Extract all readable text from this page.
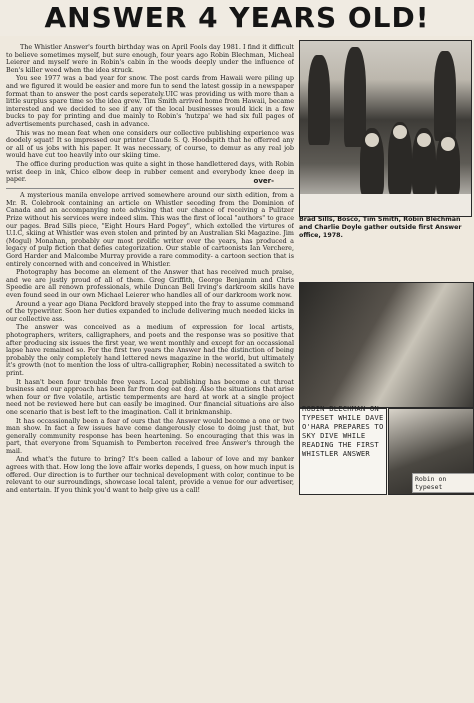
ANSWER 4 YEARS OLD!

The Whistler Answer's fourth birthday was on April Fools day 1981. I find it difficult to believe sometimes myself, but sure enough, four years ago Robin Blechman, Micheal Leierer and myself were in Robin's cabin in the woods deeply under the influence of Ben's killer weed when the idea struck.

You see 1977 was a bad year for snow. The post cards from Hawaii were piling up and we figured it would be easier and more fun to send the latest gossip in a newspaper format than to answer the post cards seperately.UIC was providing us with more than a little surplus spare time so the idea grew. Tim Smith arrived home from Hawaii, became interested and we decided to see if any of the local businesses would kick in a few bucks to pay for printing and due mainly to Robin's 'hutzpa' we had six full pages of advertisements purchased, cash in advance.

This was no mean feat when one considers our collective publishing experience was doodely squat! It so impressed our printer Claude S. Q. Hoodspith that he offerred any or all of us jobs with his paper. It was necessary, of course, to demur as any real job would have cut too heavily into our skiing time.

The office during production was quite a sight in those handlettered days, with Robin wrist deep in ink, Chico elbow deep in rubber cement and everybody knee deep in paper.	over-

A mysterious manila envelope arrived somewhere around our sixth edition, from a Mr. R. Colebrook containing an article on Whistler seceding from the Dominion of Canada and an accompanying note advising that our chance of receiving a Pulitzer Prize without his services were indeed slim. This was the first of local "authors" to grace our pages. Brad Sills piece, "Eight Hours Hard Pogey", which extolled the virtures of U.I.C, skiing at Whistler was even stolen and printed by an Australian Ski Magazine. Jim (Mogul) Monahan, probably our most prolific writer over the years, has produced a legacy of pulp fiction that defies categorization. Our stable of cartoonists Ian Verchere, Gord Harder and Malcombe Murray provide a rare commodity- a cartoon section that is entirely concerned with and conceived in Whistler.

Photography has become an element of the Answer that has received much praise, and we are justly proud of all of them. Greg Griffith, George Benjamin and Chris Speedie are all renown professionals, while Duncan Bell Irving's darkroom skills have even found seed in our own Michael Leierer who handles all of our darkroom work now.

Around a year ago Diana Peckford bravely stepped into the fray to assume command of the typewriter. Soon her duties expanded to include delivering much needed kicks in our collective ass.

The answer was conceived as a medium of expression for local artists, photographers, writers, calligraphers, and poets and the response was so positive that after producing six issues the first year, we went monthly and except for an occassional lapse have remained so. For the first two years the Answer had the distinction of being probably the only completely hand lettered news magazine in the world, but ultimately it's growth (not to mention the loss of ultra-calligrapher, Robin) necessitated a switch to print.

It hasn't been four trouble free years. Local publishing has become a cut throat business and our approach has been far from dog eat dog. Also the situations that arise when four or five volatile, artistic temperments are hard at work at a single project need not be reviewed here but can easily be imagined. Our financial situations are also one scenario that is best left to the imagination. Call it brinkmanship.

It has occassionally been a fear of ours that the Answer would become a one or two man show. In fact a few issues have come dangerously close to doing just that, but generally community response has been heartening. So encouraging that this was in part, that everyone from Squamish to Pemberton received free Answer's through the mail.

And what's the future to bring? It's been called a labour of love and my banker agrees with that. How long the love affair works depends, I guess, on how much input is offered. Our direction is to further our technical development with color, continue to be relevant to our surroundings, showcase local talent, provide a venue for our advertiser, and entertain. If you think you'd want to help give us a call!

Brad Sills, Bosco, Tim Smith, Robin Blechman and Charlie Doyle gather outside first Answer office, 1978.
ROBIN BLECHMAN ON TYPESET WHILE DAVE O'HARA PREPARES TO SKY DIVE WHILE READING THE FIRST WHISTLER ANSWER
Robin on typeset
